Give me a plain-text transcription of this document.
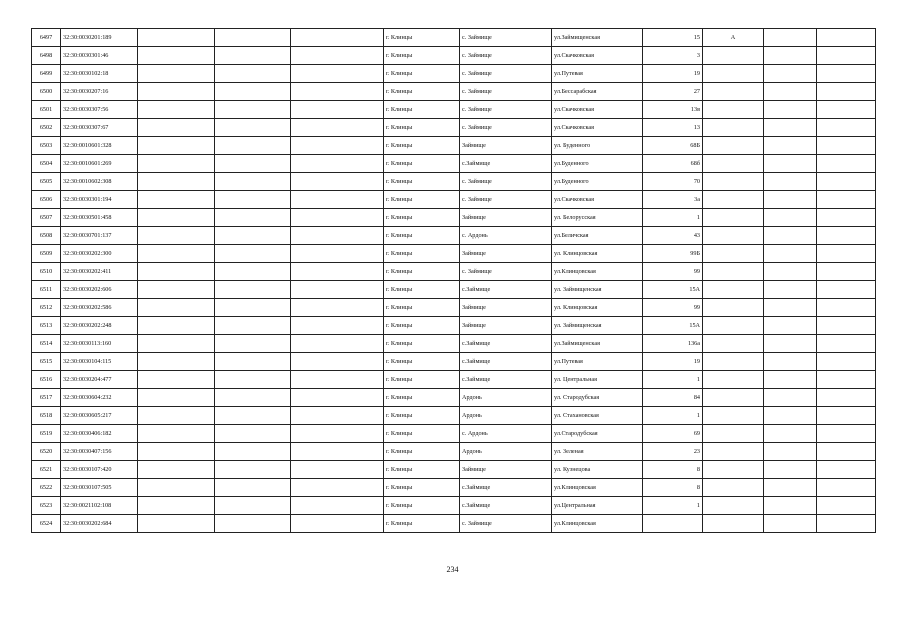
6497	32:30:0030201:189				г. Клинцы	с. Займище	ул.Займищенская	15	А		
6498	32:30:0030301:46				г. Клинцы	с. Займище	ул.Скачковская	3			
6499	32:30:0030102:18				г. Клинцы	с. Займище	ул.Путевая	19			
6500	32:30:0030207:16				г. Клинцы	с. Займище	ул.Бессарабская	27			
6501	32:30:0030307:56				г. Клинцы	с. Займище	ул.Скачковская	13в			
6502	32:30:0030307:67				г. Клинцы	с. Займище	ул.Скачковская	13			
6503	32:30:0010601:328				г. Клинцы	Займище	ул. Буденного	68Б			
6504	32:30:0010601:269				г. Клинцы	с.Займище	ул.Буденного	68б			
6505	32:30:0010602:308				г. Клинцы	с. Займище	ул.Буденного	70			
6506	32:30:0030301:194				г. Клинцы	с. Займище	ул.Скачковская	3а			
6507	32:30:0030501:458				г. Клинцы	Займище	ул. Белорусская	1			
6508	32:30:0030701:137				г. Клинцы	с. Ардонь	ул.Беличская	43			
6509	32:30:0030202:300				г. Клинцы	Займище	ул. Клинцовская	99Б			
6510	32:30:0030202:411				г. Клинцы	с. Займище	ул.Клинцовская	99			
6511	32:30:0030202:606				г. Клинцы	с.Займище	ул. Займищенская	15А			
6512	32:30:0030202:586				г. Клинцы	Займище	ул. Клинцовская	99			
6513	32:30:0030202:248				г. Клинцы	Займище	ул. Займищенская	15А			
6514	32:30:0030113:160				г. Клинцы	с.Займище	ул.Займищенская	136а			
6515	32:30:0030104:115				г. Клинцы	с.Займище	ул.Путевая	19			
6516	32:30:0030204:477				г. Клинцы	с.Займище	ул. Центральная	1			
6517	32:30:0030604:232				г. Клинцы	Ардонь	ул. Стародубская	84			
6518	32:30:0030605:217				г. Клинцы	Ардонь	ул. Стахановская	1			
6519	32:30:0030406:182				г. Клинцы	с. Ардонь	ул.Стародубская	69			
6520	32:30:0030407:156				г. Клинцы	Ардонь	ул. Зеленая	23			
6521	32:30:0030107:420				г. Клинцы	Займище	ул. Кузнецова	8			
6522	32:30:0030107:505				г. Клинцы	с.Займище	ул.Клинцовская	8			
6523	32:30:0021102:108				г. Клинцы	с.Займище	ул.Центральная	1			
6524	32:30:0030202:684				г. Клинцы	с. Займище	ул.Клинцовская				
234
